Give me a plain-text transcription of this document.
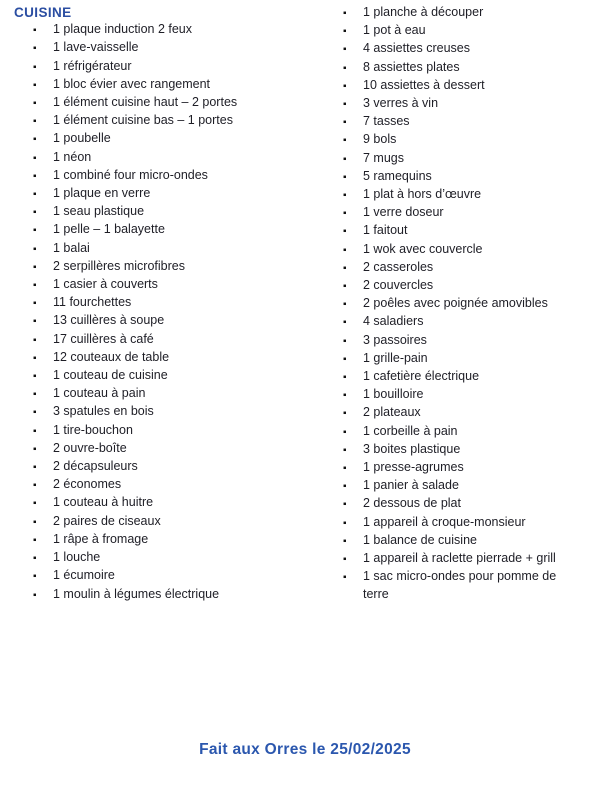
CUISINE
▪	1 plaque induction 2 feux
▪	1 lave-vaisselle
▪	1 réfrigérateur
▪	1 bloc évier avec rangement
▪	1 élément cuisine haut – 2 portes
▪	1 élément cuisine bas – 1 portes
▪	1 poubelle
▪	1 néon
▪	1 combiné four micro-ondes
▪	1 plaque en verre
▪	1 seau plastique
▪	1 pelle – 1 balayette
▪	1 balai
▪	2 serpillères microfibres
▪	1 casier à couverts
▪	11 fourchettes
▪	13 cuillères à soupe
▪	17 cuillères à café
▪	12 couteaux de table
▪	1 couteau de cuisine
▪	1 couteau à pain
▪	3 spatules en bois
▪	1 tire-bouchon
▪	2 ouvre-boîte
▪	2 décapsuleurs
▪	2 économes
▪	1 couteau à huitre
▪	2 paires de ciseaux
▪	1 râpe à fromage
▪	1 louche
▪	1 écumoire
▪	1 moulin à légumes électrique
▪	1 planche à découper
▪	1 pot à eau
▪	4 assiettes creuses
▪	8 assiettes plates
▪	10 assiettes à dessert
▪	3 verres à vin
▪	7 tasses
▪	9 bols
▪	7 mugs
▪	5 ramequins
▪	1 plat à hors d’œuvre
▪	1 verre doseur
▪	1 faitout
▪	1 wok avec couvercle
▪	2 casseroles
▪	2 couvercles
▪	2 poêles avec poignée amovibles
▪	4 saladiers
▪	3 passoires
▪	1 grille-pain
▪	1 cafetière électrique
▪	1 bouilloire
▪	2 plateaux
▪	1 corbeille à pain
▪	3 boites plastique
▪	1 presse-agrumes
▪	1 panier à salade
▪	2 dessous de plat
▪	1 appareil à croque-monsieur
▪	1 balance de cuisine
▪	1 appareil à raclette pierrade + grill
▪	1 sac micro-ondes pour pomme de terre
Fait aux Orres le 25/02/2025
